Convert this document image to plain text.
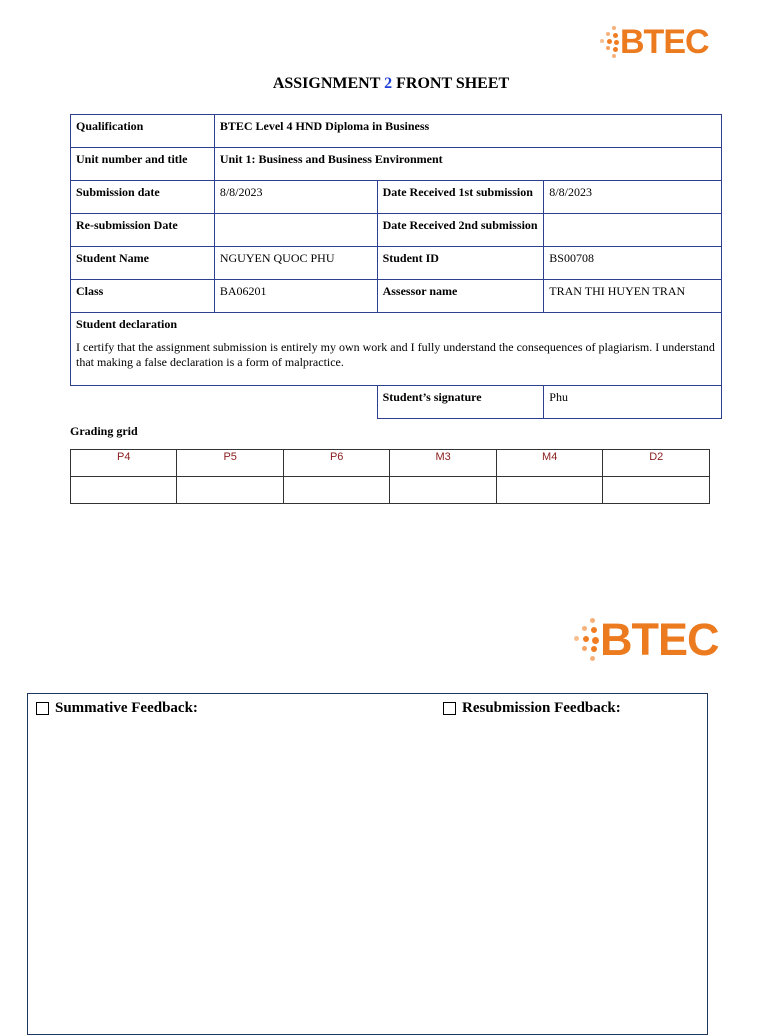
BTEC
ASSIGNMENT 2 FRONT SHEET
Qualification	BTEC Level 4 HND Diploma in Business		
Unit number and title	Unit 1: Business and Business Environment		
Submission date	8/8/2023	Date Received 1st submission	8/8/2023
Re-submission Date		Date Received 2nd submission	
Student Name	NGUYEN QUOC PHU	Student ID	BS00708
Class	BA06201	Assessor name	TRAN THI HUYEN TRAN

Student declaration
I certify that the assignment submission is entirely my own work and I fully understand the consequences of plagiarism. I understand that making a false declaration is a form of malpractice.			

		Student’s signature	Phu
Grading grid
P4	P5	P6	M3	M4	D2

BTEC
Summative Feedback:	Resubmission Feedback:
